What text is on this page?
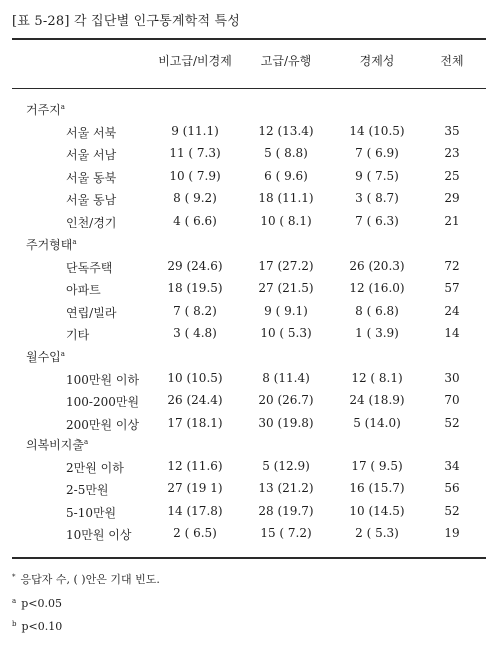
[표 5-28] 각 집단별 인구통계학적 특성
비고급/비경제	고급/유행	경제성	전체
거주지$^a$
서울 서북	9 (11.1)	12 (13.4)	14 (10.5)	35
서울 서남	11 ( 7.3)	5 ( 8.8)	7 ( 6.9)	23
서울 동북	10 ( 7.9)	6 ( 9.6)	9 ( 7.5)	25
서울 동남	8 ( 9.2)	18 (11.1)	3 ( 8.7)	29
인천/경기	4 ( 6.6)	10 ( 8.1)	7 ( 6.3)	21
주거형태$^a$
단독주택	29 (24.6)	17 (27.2)	26 (20.3)	72
아파트	18 (19.5)	27 (21.5)	12 (16.0)	57
연립/빌라	7 ( 8.2)	9 ( 9.1)	8 ( 6.8)	24
기타	3 ( 4.8)	10 ( 5.3)	1 ( 3.9)	14
월수입$^a$
100만원 이하	10 (10.5)	8 (11.4)	12 ( 8.1)	30
100-200만원	26 (24.4)	20 (26.7)	24 (18.9)	70
200만원 이상	17 (18.1)	30 (19.8)	5 (14.0)	52
의복비지출$^a$
2만원 이하	12 (11.6)	5 (12.9)	17 ( 9.5)	34
2-5만원	27 (19 1)	13 (21.2)	16 (15.7)	56
5-10만원	14 (17.8)	28 (19.7)	10 (14.5)	52
10만원 이상	2 ( 6.5)	15 ( 7.2)	2 ( 5.3)	19
* 응답자 수, ( )안은 기대 빈도.
$^a$ p<0.05
$^b$ p<0.10
